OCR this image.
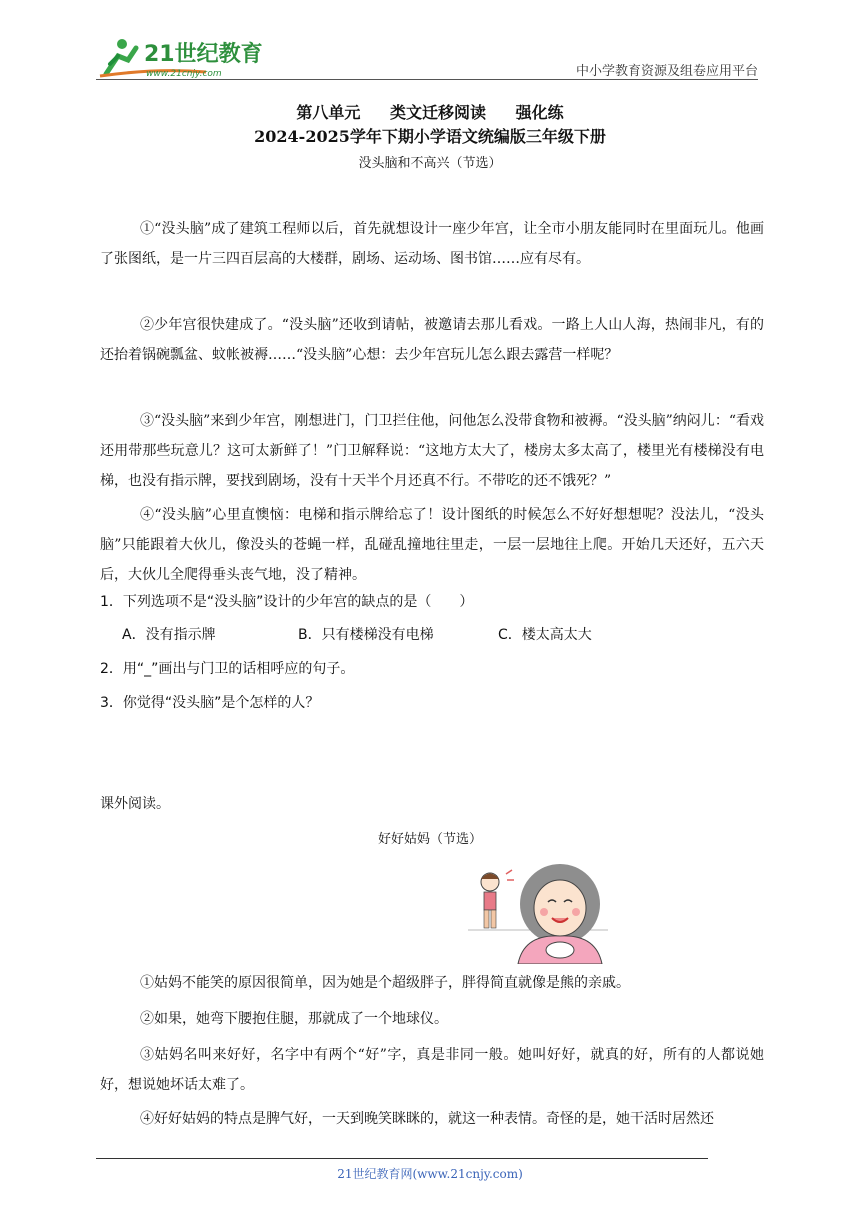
21世纪教育
www.21cnjy.com	中小学教育资源及组卷应用平台
第八单元 类文迁移阅读 强化练
2024-2025学年下期小学语文统编版三年级下册
没头脑和不高兴（节选）
①“没头脑”成了建筑工程师以后，首先就想设计一座少年宫，让全市小朋友能同时在里面玩儿。他画了张图纸，是一片三四百层高的大楼群，剧场、运动场、图书馆……应有尽有。
②少年宫很快建成了。“没头脑”还收到请帖，被邀请去那儿看戏。一路上人山人海，热闹非凡，有的还抬着锅碗瓢盆、蚊帐被褥……“没头脑”心想：去少年宫玩儿怎么跟去露营一样呢？
③“没头脑”来到少年宫，刚想进门，门卫拦住他，问他怎么没带食物和被褥。“没头脑”纳闷儿：“看戏还用带那些玩意儿？这可太新鲜了！”门卫解释说：“这地方太大了，楼房太多太高了，楼里光有楼梯没有电梯，也没有指示牌，要找到剧场，没有十天半个月还真不行。不带吃的还不饿死？”
④“没头脑”心里直懊恼：电梯和指示牌给忘了！设计图纸的时候怎么不好好想想呢？没法儿，“没头脑”只能跟着大伙儿，像没头的苍蝇一样，乱碰乱撞地往里走，一层一层地往上爬。开始几天还好，五六天后，大伙儿全爬得垂头丧气地，没了精神。
1．下列选项不是“没头脑”设计的少年宫的缺点的是（　　）
A．没有指示牌	B．只有楼梯没有电梯	C．楼太高太大
2．用“_”画出与门卫的话相呼应的句子。
3．你觉得“没头脑”是个怎样的人？
课外阅读。
好好姑妈（节选）
①姑妈不能笑的原因很简单，因为她是个超级胖子，胖得简直就像是熊的亲戚。
②如果，她弯下腰抱住腿，那就成了一个地球仪。
③姑妈名叫来好好，名字中有两个“好”字，真是非同一般。她叫好好，就真的好，所有的人都说她好，想说她坏话太难了。
④好好姑妈的特点是脾气好，一天到晚笑眯眯的，就这一种表情。奇怪的是，她干活时居然还
21世纪教育网(www.21cnjy.com)
